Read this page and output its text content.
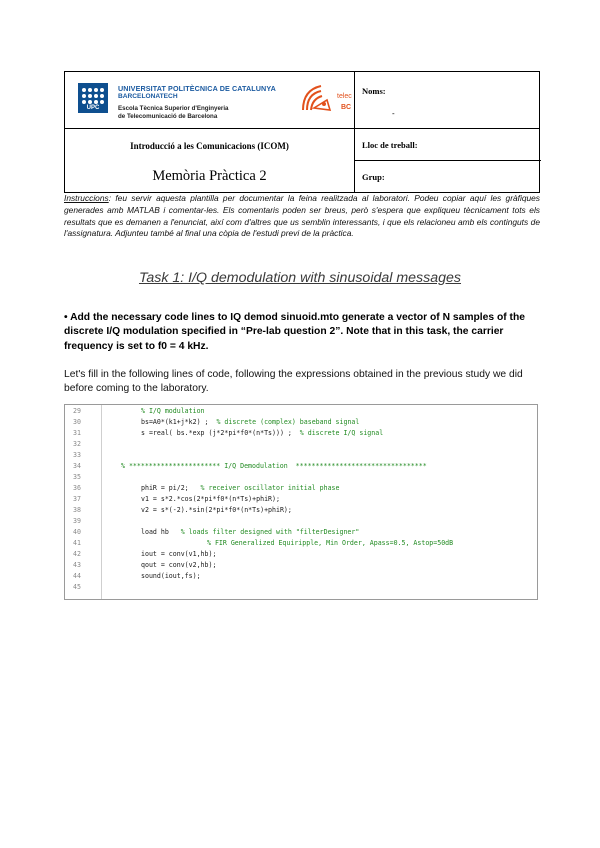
UPC
UNIVERSITAT POLITÈCNICA DE CATALUNYA
BARCELONATECH
Escola Tècnica Superior d'Enginyeria
de Telecomunicació de Barcelona
telec
BC
Introducció a les Comunicacions (ICOM)
Memòria Pràctica 2
Noms:
-
Lloc de treball:
Grup:
Instruccions: feu servir aquesta plantilla per documentar la feina realitzada al laboratori. Podeu copiar aquí les gràfiques generades amb MATLAB i comentar-les. Els comentaris poden ser breus, però s'espera que expliqueu tècnicament tots els resultats que es demanen a l'enunciat, així com d'altres que us semblin interessants, i que els relacioneu amb els continguts de l'assignatura. Adjunteu també al final una còpia de l'estudi previ de la pràctica.
Task 1: I/Q demodulation with sinusoidal messages
• Add the necessary code lines to IQ demod sinuoid.mto generate a vector of N samples of the discrete I/Q modulation specified in “Pre-lab question 2”. Note that in this task, the carrier frequency is set to f0 = 4 kHz.
Let's fill in the following lines of code, following the expressions obtained in the previous study we did before coming to the laboratory.
29
30
31
32
33
34
35
36
37
38
39
40
41
42
43
44
45
% I/Q modulation
bs=A0*(k1+j*k2) ;  % discrete (complex) baseband signal
s =real( bs.*exp (j*2*pi*f0*(n*Ts))) ;  % discrete I/Q signal
% *********************** I/Q Demodulation  *********************************
phiR = pi/2;   % receiver oscillator initial phase
v1 = s*2.*cos(2*pi*f0*(n*Ts)+phiR);
v2 = s*(-2).*sin(2*pi*f0*(n*Ts)+phiR);
load hb   % loads filter designed with "filterDesigner"
% FIR Generalized Equiripple, Min Order, Apass=0.5, Astop=50dB
iout = conv(v1,hb);
qout = conv(v2,hb);
sound(iout,fs);
